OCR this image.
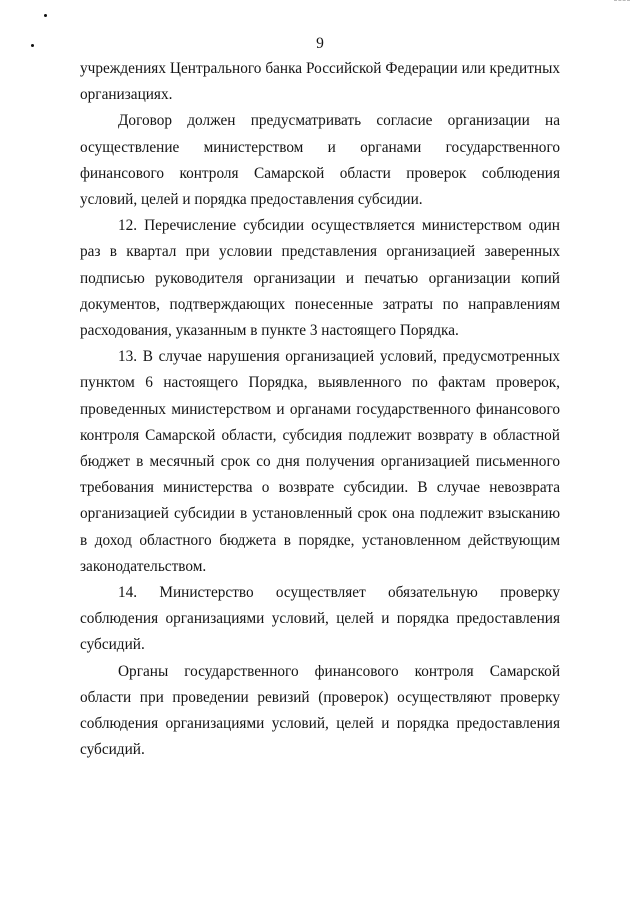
9

учреждениях Центрального банка Российской Федерации или кредитных организациях.

Договор должен предусматривать согласие организации на осуществление министерством и органами государственного финансового контроля Самарской области проверок соблюдения условий, целей и порядка предоставления субсидии.

12. Перечисление субсидии осуществляется министерством один раз в квартал при условии представления организацией заверенных подписью руководителя организации и печатью организации копий документов, подтверждающих понесенные затраты по направлениям расходования, указанным в пункте 3 настоящего Порядка.

13. В случае нарушения организацией условий, предусмотренных пунктом 6 настоящего Порядка, выявленного по фактам проверок, проведенных министерством и органами государственного финансового контроля Самарской области, субсидия подлежит возврату в областной бюджет в месячный срок со дня получения организацией письменного требования министерства о возврате субсидии. В случае невозврата организацией субсидии в установленный срок она подлежит взысканию в доход областного бюджета в порядке, установленном действующим законодательством.

14. Министерство осуществляет обязательную проверку соблюдения организациями условий, целей и порядка предоставления субсидий.

Органы государственного финансового контроля Самарской области при проведении ревизий (проверок) осуществляют проверку соблюдения организациями условий, целей и порядка предоставления субсидий.
